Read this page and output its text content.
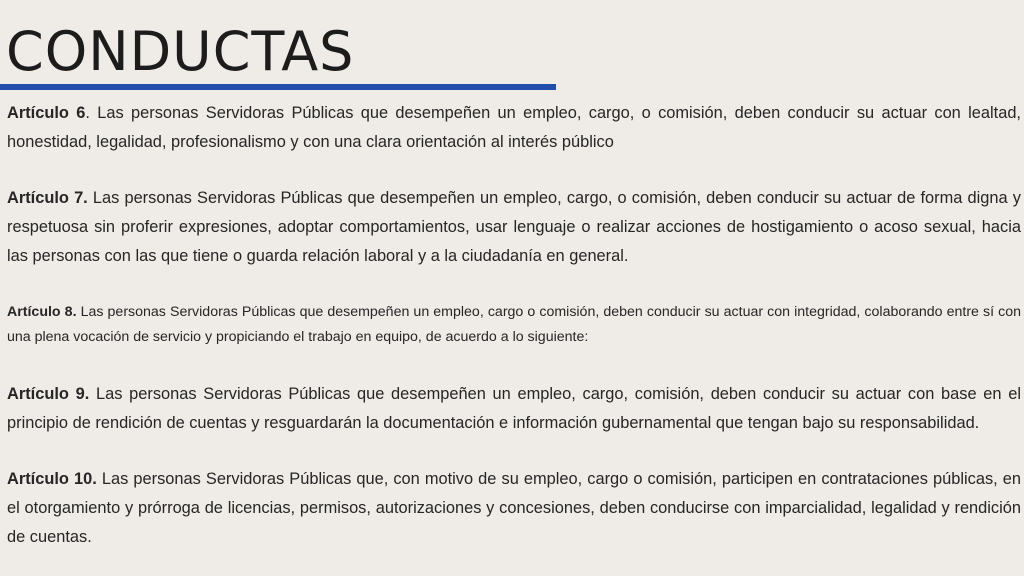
CONDUCTAS

Artículo 6. Las personas Servidoras Públicas que desempeñen un empleo, cargo, o comisión, deben conducir su actuar con lealtad, honestidad, legalidad, profesionalismo y con una clara orientación al interés público

Artículo 7. Las personas Servidoras Públicas que desempeñen un empleo, cargo, o comisión, deben conducir su actuar de forma digna y respetuosa sin proferir expresiones, adoptar comportamientos, usar lenguaje o realizar acciones de hostigamiento o acoso sexual, hacia las personas con las que tiene o guarda relación laboral y a la ciudadanía en general.

Artículo 8. Las personas Servidoras Públicas que desempeñen un empleo, cargo o comisión, deben conducir su actuar con integridad, colaborando entre sí con una plena vocación de servicio y propiciando el trabajo en equipo, de acuerdo a lo siguiente:

Artículo 9. Las personas Servidoras Públicas que desempeñen un empleo, cargo, comisión, deben conducir su actuar con base en el principio de rendición de cuentas y resguardarán la documentación e información gubernamental que tengan bajo su responsabilidad.

Artículo 10. Las personas Servidoras Públicas que, con motivo de su empleo, cargo o comisión, participen en contrataciones públicas, en el otorgamiento y prórroga de licencias, permisos, autorizaciones y concesiones, deben conducirse con imparcialidad, legalidad y rendición de cuentas.
